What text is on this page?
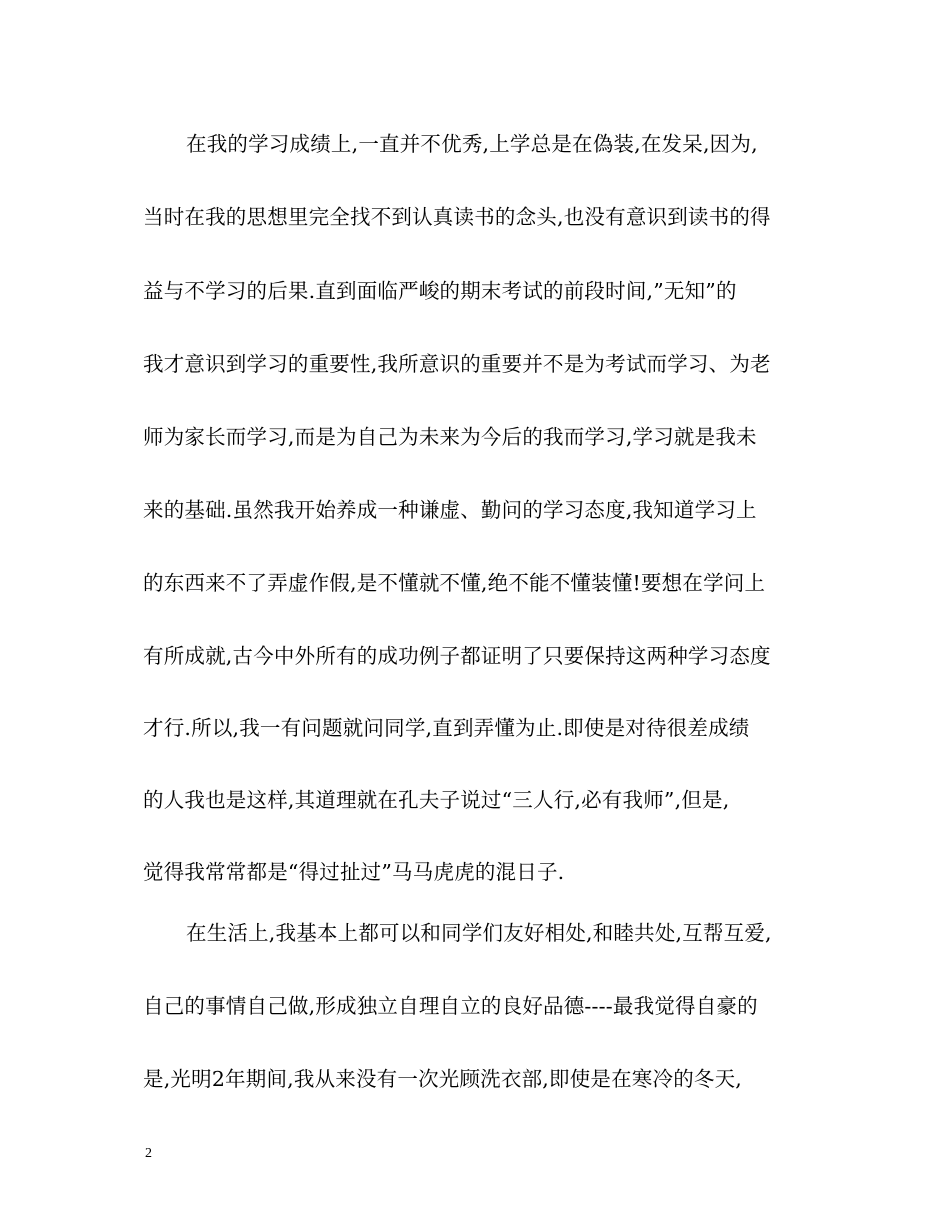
在我的学习成绩上,一直并不优秀,上学总是在偽装,在发呆,因为,
当时在我的思想里完全找不到认真读书的念头,也没有意识到读书的得
益与不学习的后果.直到面临严峻的期末考试的前段时间,”无知”的
我才意识到学习的重要性,我所意识的重要并不是为考试而学习、为老
师为家长而学习,而是为自己为未来为今后的我而学习,学习就是我未
来的基础.虽然我开始养成一种谦虚、勤问的学习态度,我知道学习上
的东西来不了弄虚作假,是不懂就不懂,绝不能不懂装懂!要想在学问上
有所成就,古今中外所有的成功例子都证明了只要保持这两种学习态度
才行.所以,我一有问题就问同学,直到弄懂为止.即使是对待很差成绩
的人我也是这样,其道理就在孔夫子说过“三人行,必有我师”,但是,
觉得我常常都是“得过扯过”马马虎虎的混日子.
在生活上,我基本上都可以和同学们友好相处,和睦共处,互帮互爱,
自己的事情自己做,形成独立自理自立的良好品德----最我觉得自豪的
是,光明2年期间,我从来没有一次光顾洗衣部,即使是在寒冷的冬天,
2
